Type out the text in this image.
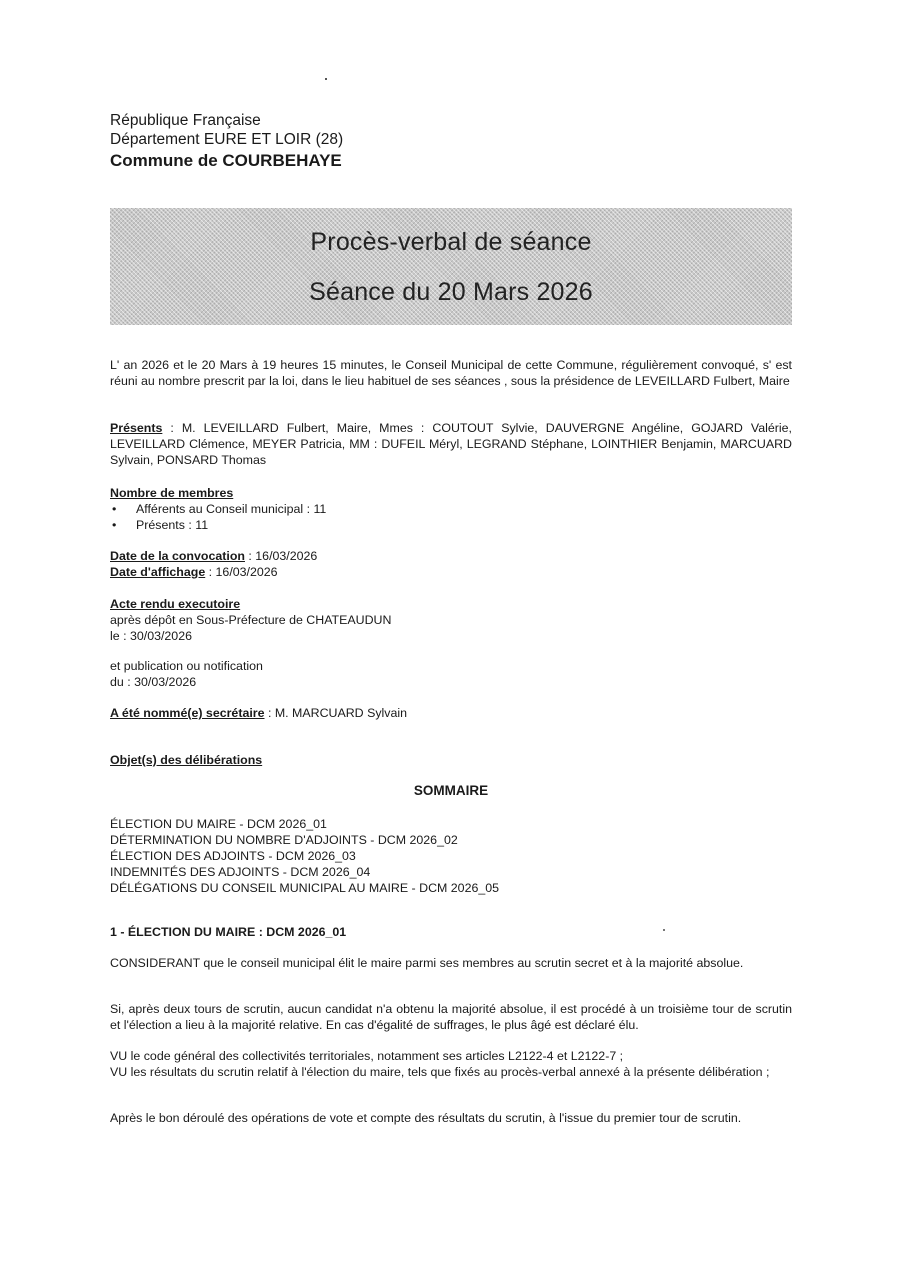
République Française
Département EURE ET LOIR (28)
Commune de COURBEHAYE
Procès-verbal de séance
Séance du 20 Mars 2026
L' an 2026 et le 20 Mars à 19 heures 15 minutes, le Conseil Municipal de cette Commune, régulièrement convoqué, s' est réuni au nombre prescrit par la loi, dans le lieu habituel de ses séances , sous la présidence de LEVEILLARD Fulbert, Maire
Présents : M. LEVEILLARD Fulbert, Maire, Mmes : COUTOUT Sylvie, DAUVERGNE Angéline, GOJARD Valérie, LEVEILLARD Clémence, MEYER Patricia, MM : DUFEIL Méryl, LEGRAND Stéphane, LOINTHIER Benjamin, MARCUARD Sylvain, PONSARD Thomas
Nombre de membres
• Afférents au Conseil municipal : 11
• Présents : 11
Date de la convocation : 16/03/2026
Date d'affichage : 16/03/2026
Acte rendu executoire
après dépôt en Sous-Préfecture de CHATEAUDUN
le : 30/03/2026
et publication ou notification
du : 30/03/2026
A été nommé(e) secrétaire : M. MARCUARD Sylvain
Objet(s) des délibérations
SOMMAIRE
ÉLECTION DU MAIRE - DCM 2026_01
DÉTERMINATION DU NOMBRE D'ADJOINTS - DCM 2026_02
ÉLECTION DES ADJOINTS - DCM 2026_03
INDEMNITÉS DES ADJOINTS - DCM 2026_04
DÉLÉGATIONS DU CONSEIL MUNICIPAL AU MAIRE - DCM 2026_05
1 - ÉLECTION DU MAIRE : DCM 2026_01
CONSIDERANT que le conseil municipal élit le maire parmi ses membres au scrutin secret et à la majorité absolue.
Si, après deux tours de scrutin, aucun candidat n'a obtenu la majorité absolue, il est procédé à un troisième tour de scrutin et l'élection a lieu à la majorité relative. En cas d'égalité de suffrages, le plus âgé est déclaré élu.
VU le code général des collectivités territoriales, notamment ses articles L2122-4 et L2122-7 ;
VU les résultats du scrutin relatif à l'élection du maire, tels que fixés au procès-verbal annexé à la présente délibération ;
Après le bon déroulé des opérations de vote et compte des résultats du scrutin, à l'issue du premier tour de scrutin.
